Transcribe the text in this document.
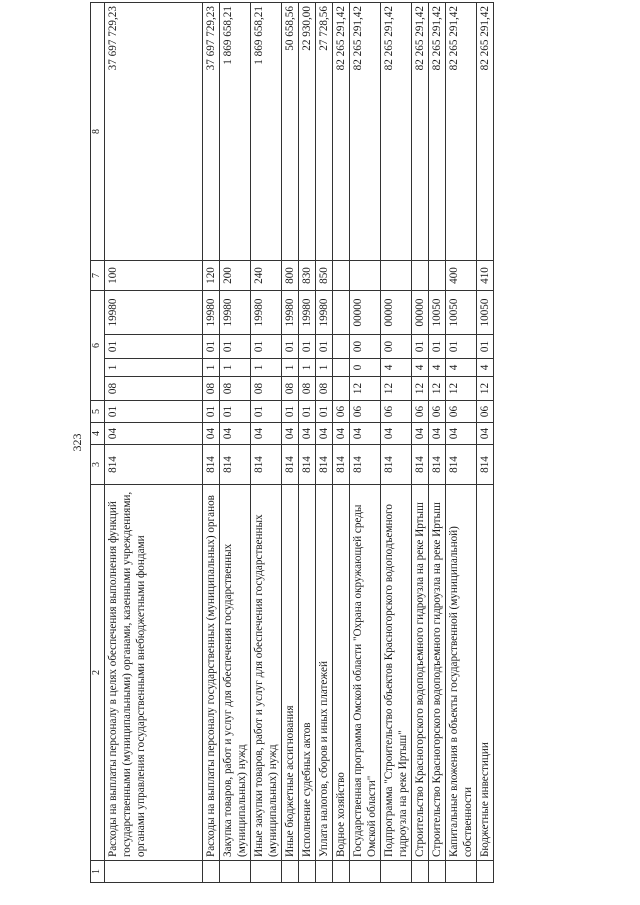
323
1	2	3	4	5	6				7	8
	Расходы на выплаты персоналу в целях обеспечения выполнения функций государственными (муниципальными) органами, казенными учреждениями, органами управления государственными внебюджетными фондами	814	04	01	08	1	01	19980	100	37 697 729,23
	Расходы на выплаты персоналу государственных (муниципальных) органов	814	04	01	08	1	01	19980	120	37 697 729,23
	Закупка товаров, работ и услуг для обеспечения государственных (муниципальных) нужд	814	04	01	08	1	01	19980	200	1 869 658,21
	Иные закупки товаров, работ и услуг для обеспечения государственных (муниципальных) нужд	814	04	01	08	1	01	19980	240	1 869 658,21
	Иные бюджетные ассигнования	814	04	01	08	1	01	19980	800	50 658,56
	Исполнение судебных актов	814	04	01	08	1	01	19980	830	22 930,00
	Уплата налогов, сборов и иных платежей	814	04	01	08	1	01	19980	850	27 728,56
	Водное хозяйство	814	04	06						82 265 291,42
	Государственная программа Омской области "Охрана окружающей среды Омской области"	814	04	06	12	0	00	00000		82 265 291,42
	Подпрограмма "Строительство объектов Красногорского водоподъемного гидроузла на реке Иртыш"	814	04	06	12	4	00	00000		82 265 291,42
	Строительство Красногорского водоподъемного гидроузла на реке Иртыш	814	04	06	12	4	01	00000		82 265 291,42
	Строительство Красногорского водоподъемного гидроузла на реке Иртыш	814	04	06	12	4	01	10050		82 265 291,42
	Капитальные вложения в объекты государственной (муниципальной) собственности	814	04	06	12	4	01	10050	400	82 265 291,42
	Бюджетные инвестиции	814	04	06	12	4	01	10050	410	82 265 291,42
